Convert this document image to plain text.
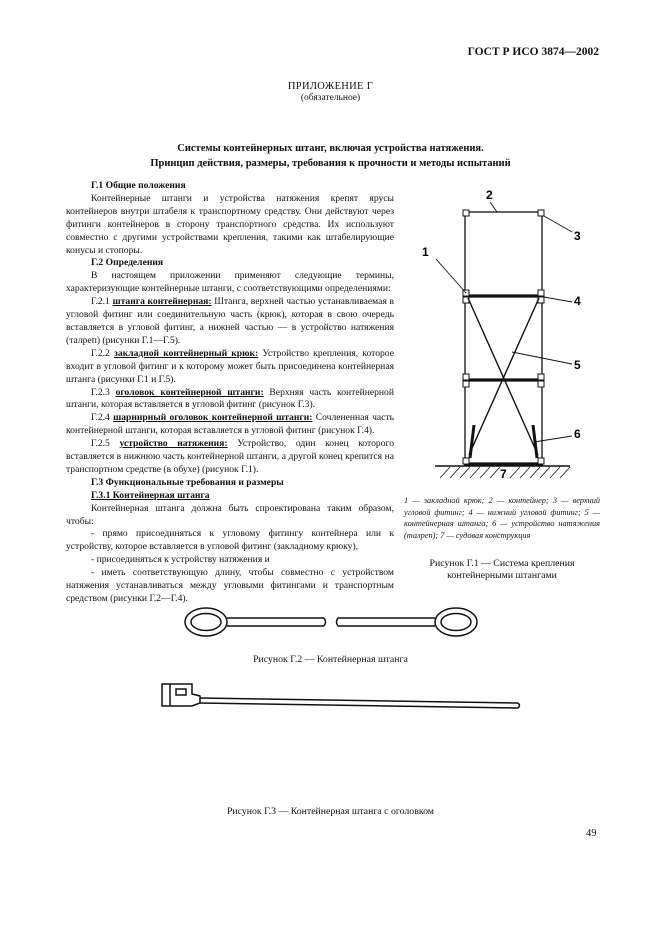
ГОСТ Р ИСО 3874—2002
ПРИЛОЖЕНИЕ Г
(обязательное)
Системы контейнерных штанг, включая устройства натяжения.
Принцип действия, размеры, требования к прочности и методы испытаний

Г.1 Общие положения

Контейнерные штанги и устройства натяжения крепят ярусы контейнеров внутри штабеля к транспортному средству. Они действуют через фитинги контейнеров в сторону транспортного средства. Их используют совместно с другими устройствами крепления, такими как штабелирующие конусы и стопоры.

Г.2 Определения

В настоящем приложении применяют следующие термины, характеризующие контейнерные штанги, с соответствующими определениями:

Г.2.1 штанга контейнерная: Штанга, верхней частью устанавливаемая в угловой фитинг или соединительную часть (крюк), которая в свою очередь вставляется в угловой фитинг, а нижней частью — в устройство натяжения (талреп) (рисунки Г.1—Г.5).

Г.2.2 закладной контейнерный крюк: Устройство крепления, которое входит в угловой фитинг и к которому может быть присоединена контейнерная штанга (рисунки Г.1 и Г.5).

Г.2.3 оголовок контейнерной штанги: Верхняя часть контейнерной штанги, которая вставляется в угловой фитинг (рисунок Г.3).

Г.2.4 шарнирный оголовок контейнерной штанги: Сочлененная часть контейнерной штанги, которая вставляется в угловой фитинг (рисунок Г.4).

Г.2.5 устройство натяжения: Устройство, один конец которого вставляется в нижнюю часть контейнерной штанги, а другой конец крепится на транспортном средстве (в обухе) (рисунок Г.1).

Г.3 Функциональные требования и размеры

Г.3.1 Контейнерная штанга

Контейнерная штанга должна быть спроектирована таким образом, чтобы:

- прямо присоединяться к угловому фитингу контейнера или к устройству, которое вставляется в угловой фитинг (закладному крюку),

- присоединяться к устройству натяжения и

- иметь соответствующую длину, чтобы совместно с устройством натяжения устанавливаться между угловыми фитингами и транспортным средством (рисунки Г.2—Г.4).

1
2
3
4
5
6
7
1 — закладной крюк; 2 — контейнер; 3 — верхний угловой фитинг; 4 — нижний угловой фитинг; 5 — контейнерная штанга; 6 — устройство натяжения (талреп); 7 — судовая конструкция
Рисунок Г.1 — Система крепления
контейнерными штангами
Рисунок Г.2 — Контейнерная штанга
Рисунок Г.3 — Контейнерная штанга с оголовком
49
